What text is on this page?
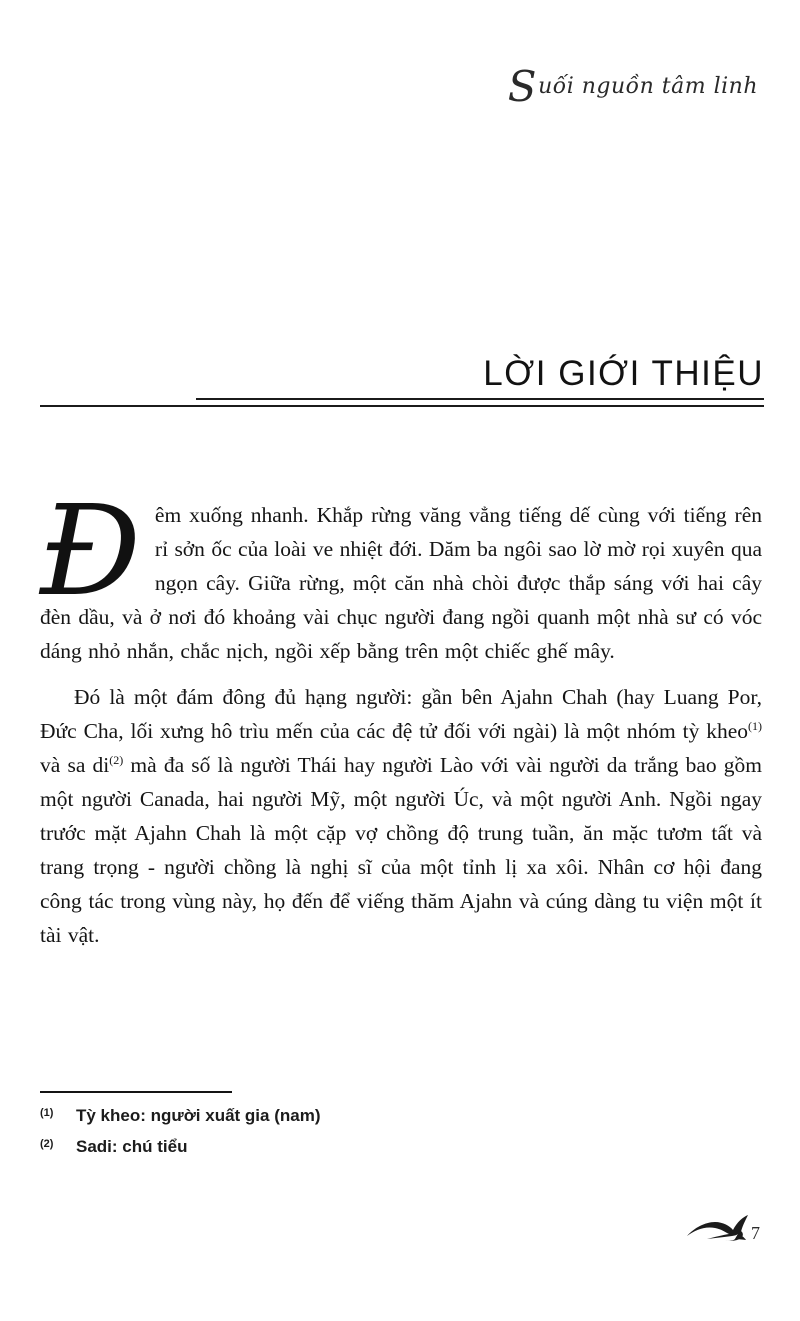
Suối nguồn tâm linh
LỜI GIỚI THIỆU

Đêm xuống nhanh. Khắp rừng văng vẳng tiếng dế cùng với tiếng rên rỉ sởn ốc của loài ve nhiệt đới. Dăm ba ngôi sao lờ mờ rọi xuyên qua ngọn cây. Giữa rừng, một căn nhà chòi được thắp sáng với hai cây đèn dầu, và ở nơi đó khoảng vài chục người đang ngồi quanh một nhà sư có vóc dáng nhỏ nhắn, chắc nịch, ngồi xếp bằng trên một chiếc ghế mây.

Đó là một đám đông đủ hạng người: gần bên Ajahn Chah (hay Luang Por, Đức Cha, lối xưng hô trìu mến của các đệ tử đối với ngài) là một nhóm tỳ kheo$^{(1)}$ và sa $di^{(2)}$ mà đa số là người Thái hay người Lào với vài người da trắng bao gồm một người Canada, hai người Mỹ, một người Úc, và một người Anh. Ngồi ngay trước mặt Ajahn Chah là một cặp vợ chồng độ trung tuần, ăn mặc tươm tất và trang trọng - người chồng là nghị sĩ của một tỉnh lị xa xôi. Nhân cơ hội đang công tác trong vùng này, họ đến để viếng thăm Ajahn và cúng dàng tu viện một ít tài vật.

(1)	Tỳ kheo: người xuất gia (nam)
(2)	Sadi: chú tiểu
7
